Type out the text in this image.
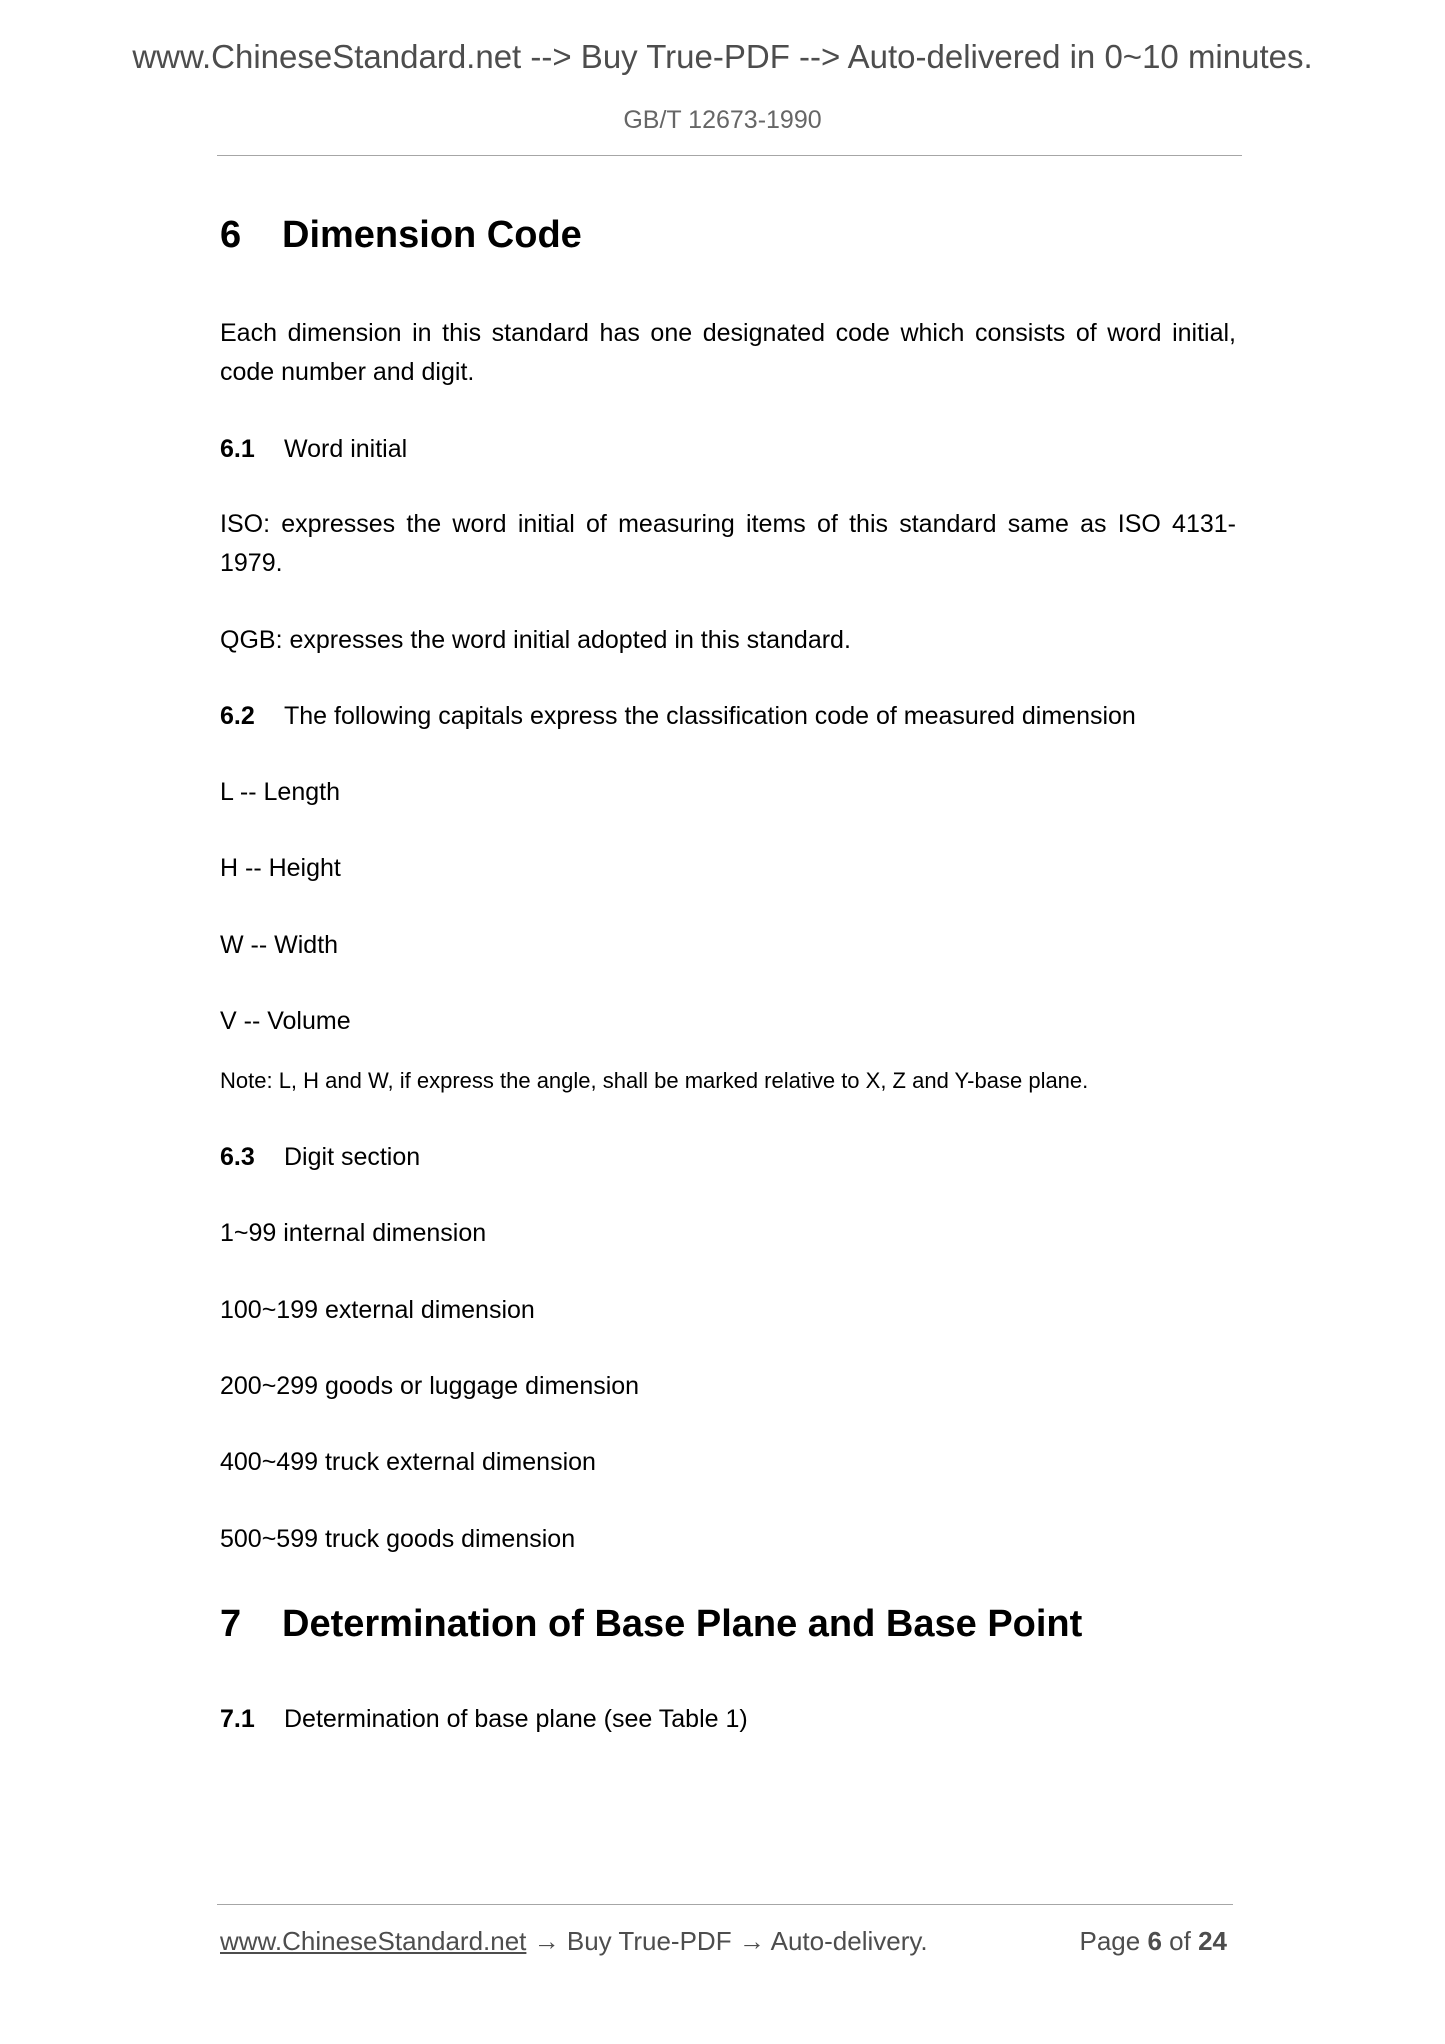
www.ChineseStandard.net --> Buy True-PDF --> Auto-delivered in 0~10 minutes.
GB/T 12673-1990
6 Dimension Code
Each dimension in this standard has one designated code which consists of word initial, code number and digit.
6.1 Word initial
ISO: expresses the word initial of measuring items of this standard same as ISO 4131-1979.
QGB: expresses the word initial adopted in this standard.
6.2 The following capitals express the classification code of measured dimension
L -- Length
H -- Height
W -- Width
V -- Volume
Note: L, H and W, if express the angle, shall be marked relative to X, Z and Y-base plane.
6.3 Digit section
1~99 internal dimension
100~199 external dimension
200~299 goods or luggage dimension
400~499 truck external dimension
500~599 truck goods dimension
7 Determination of Base Plane and Base Point
7.1 Determination of base plane (see Table 1)
www.ChineseStandard.net → Buy True-PDF → Auto-delivery.	Page 6 of 24
